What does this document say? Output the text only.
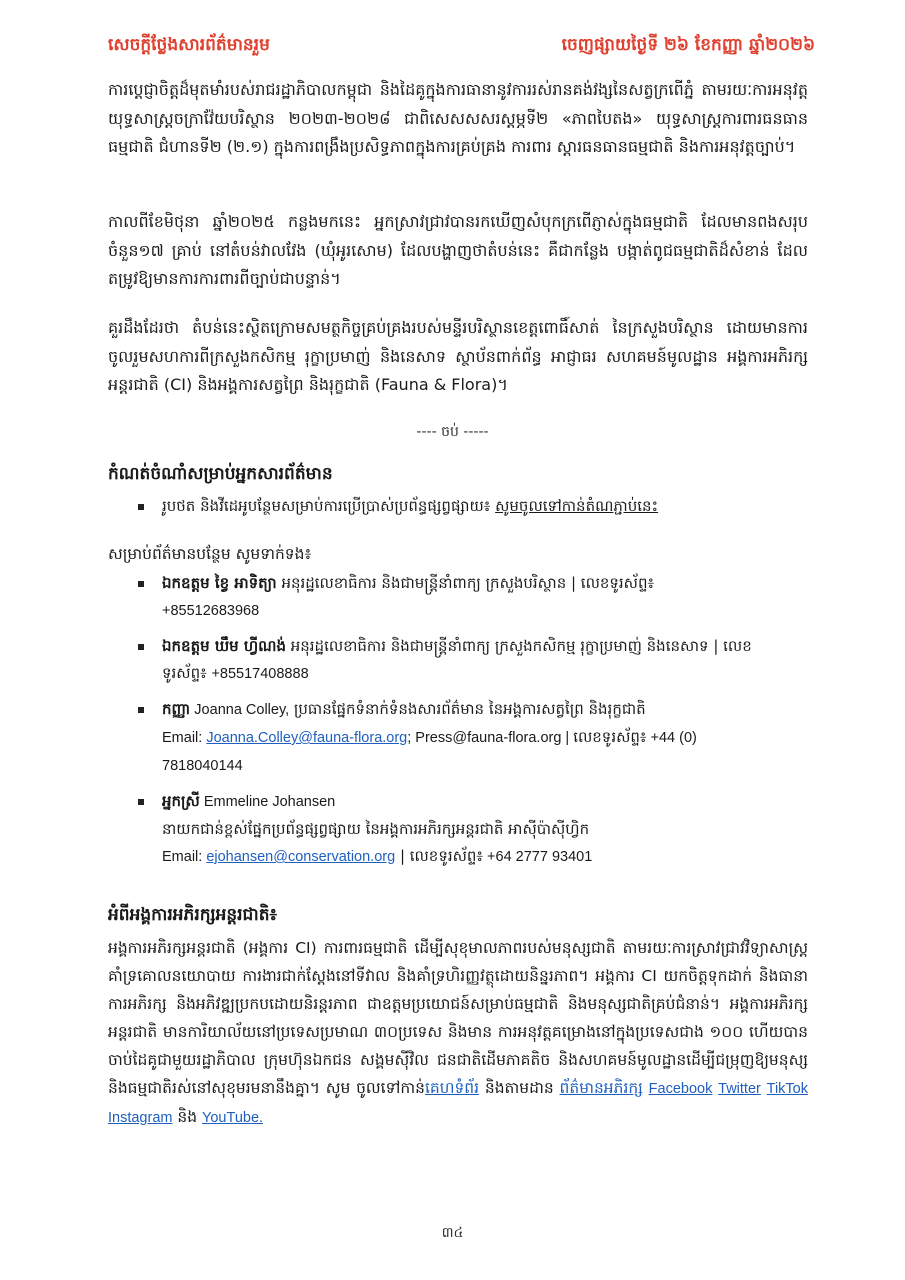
សេចក្ដីថ្លែងសារព័ត៌មានរួម	ចេញផ្សាយថ្ងៃទី ២៦ ខែកញ្ញា ឆ្នាំ២០២៦
ការប្ដេជ្ញាចិត្តដ៏មុតមាំរបស់រាជរដ្ឋាភិបាលកម្ពុជា និងដៃគូក្នុងការធានានូវការរស់រានគង់វង្សនៃសត្វក្រពើភ្នំ តាមរយៈការអនុវត្តយុទ្ធសាស្ត្រចក្រាវ៉ែយបរិស្ថាន ២០២៣-២០២៨ ជាពិសេសសសរស្តម្ភទី២ «ភាពបៃតង» យុទ្ធសាស្ត្រការពារធនធានធម្មជាតិ ជំហានទី២ (២.១) ក្នុងការពង្រឹងប្រសិទ្ធភាពក្នុងការគ្រប់គ្រង ការពារ ស្ដារធនធានធម្មជាតិ និងការអនុវត្តច្បាប់។
កាលពីខែមិថុនា ឆ្នាំ២០២៥ កន្លងមកនេះ អ្នកស្រាវជ្រាវបានរកឃើញសំបុកក្រពើភ្ញាស់ក្នុងធម្មជាតិ ដែលមានពងសរុប ចំនួន១៧ គ្រាប់ នៅតំបន់វាលវែង (ឃុំអូរសោម) ដែលបង្ហាញថាតំបន់នេះ គឺជាកន្លែង បង្កាត់ពូជធម្មជាតិដ៏សំខាន់ ដែលតម្រូវឱ្យមានការការពារពីច្បាប់ជាបន្ទាន់។
គួរដឹងដែរថា តំបន់នេះស្ថិតក្រោមសមត្ថកិច្ចគ្រប់គ្រងរបស់មន្ទីរបរិស្ថានខេត្តពោធិ៍សាត់ នៃក្រសួងបរិស្ថាន ដោយមានការចូលរួមសហការពីក្រសួងកសិកម្ម រុក្ខាប្រមាញ់ និងនេសាទ ស្ថាប័នពាក់ព័ន្ធ អាជ្ញាធរ សហគមន៍មូលដ្ឋាន អង្គការអភិរក្សអន្តរជាតិ (CI) និងអង្គការសត្វព្រៃ និងរុក្ខជាតិ (Fauna & Flora)។
---- ចប់ -----
កំណត់ចំណាំសម្រាប់អ្នកសារព័ត៌មាន
រូបថត និងវីដេអូបន្ថែមសម្រាប់ការប្រើប្រាស់ប្រព័ន្ធផ្សព្វផ្សាយ៖ សូមចូលទៅកាន់តំណភ្ជាប់នេះ
សម្រាប់ព័ត៌មានបន្ថែម សូមទាក់ទង៖
ឯកឧត្តម ខ្វៃ អាទិត្យា អនុរដ្ឋលេខាធិការ និងជាមន្ត្រីនាំពាក្យ ក្រសួងបរិស្ថាន | លេខទូរស័ព្ទ៖
+85512683968
ឯកឧត្តម ឃឹម ហ្វីណង់ អនុរដ្ឋលេខាធិការ និងជាមន្ត្រីនាំពាក្យ ក្រសួងកសិកម្ម រុក្ខាប្រមាញ់ និងនេសាទ | លេខទូរស័ព្ទ៖ +85517408888
កញ្ញា Joanna Colley, ប្រធានផ្នែកទំនាក់ទំនងសារព័ត៌មាន នៃអង្គការសត្វព្រៃ និងរុក្ខជាតិ
Email: Joanna.Colley@fauna-flora.org; Press@fauna-flora.org | លេខទូរស័ព្ទ៖ +44 (0) 7818040144
អ្នកស្រី Emmeline Johansen
នាយកជាន់ខ្ពស់ផ្នែកប្រព័ន្ធផ្សព្វផ្សាយ នៃអង្គការអភិរក្សអន្តរជាតិ អាស៊ីប៉ាស៊ីហ្វិក
Email: ejohansen@conservation.org | លេខទូរស័ព្ទ៖ +64 2777 93401
អំពីអង្គការអភិរក្សអន្តរជាតិ៖
អង្គការអភិរក្សអន្តរជាតិ (អង្គការ CI) ការពារធម្មជាតិ ដើម្បីសុខុមាលភាពរបស់មនុស្សជាតិ តាមរយៈការស្រាវជ្រាវវិទ្យាសាស្ត្រ គាំទ្រគោលនយោបាយ ការងារជាក់ស្ដែងនៅទីវាល និងគាំទ្រហិរញ្ញវត្ថុដោយនិន្នរភាព។ អង្គការ CI យកចិត្តទុកដាក់ និងធានាការអភិរក្ស និងអភិវឌ្ឍប្រកបដោយនិរន្តរភាព ជាឧត្តមប្រយោជន៍សម្រាប់ធម្មជាតិ និងមនុស្សជាតិគ្រប់ជំនាន់។ អង្គការអភិរក្សអន្តរជាតិ មានការិយាល័យនៅប្រទេសប្រមាណ ៣០ប្រទេស និងមាន ការអនុវត្តគម្រោងនៅក្នុងប្រទេសជាង ១០០ ហើយបានចាប់ដៃគូជាមួយរដ្ឋាភិបាល ក្រុមហ៊ុនឯកជន សង្គមស៊ីវិល ជនជាតិដើមភាគតិច និងសហគមន៍មូលដ្ឋានដើម្បីជម្រុញឱ្យមនុស្ស និងធម្មជាតិរស់នៅសុខុមរមនានឹងគ្នា។ សូម ចូលទៅកាន់គេហទំព័រ និងតាមដាន ព័ត៌មានអភិរក្ស Facebook Twitter TikTok Instagram និង YouTube.
៣៤
